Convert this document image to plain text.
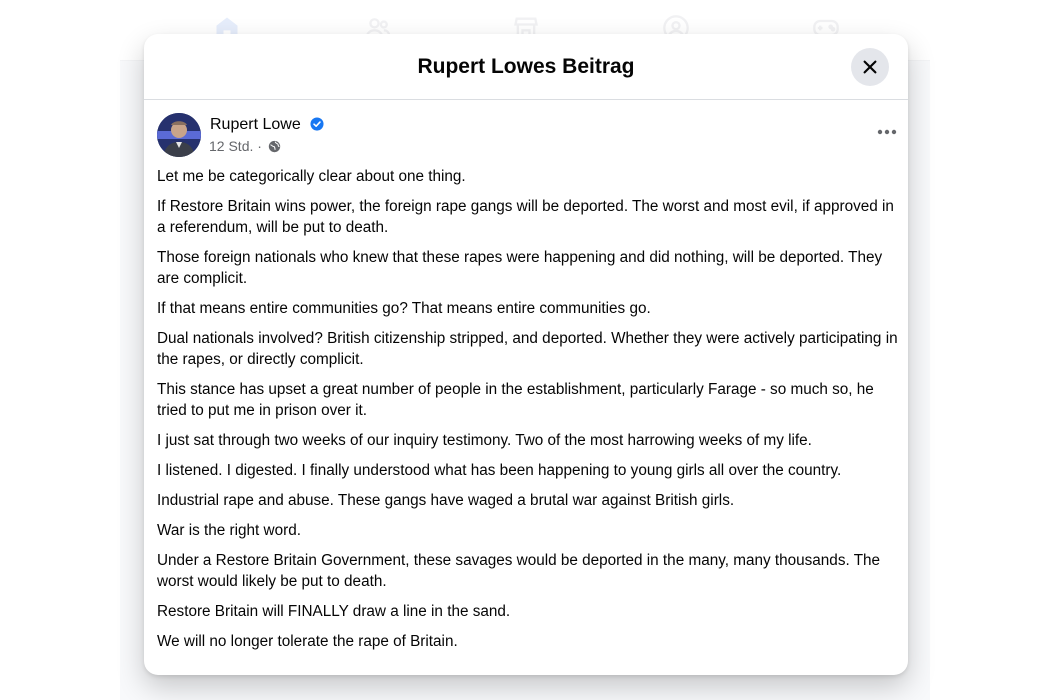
Rupert Lowes Beitrag
Rupert Lowe
12 Std. ·

Let me be categorically clear about one thing.

If Restore Britain wins power, the foreign rape gangs will be deported. The worst and most evil, if approved in a referendum, will be put to death.

Those foreign nationals who knew that these rapes were happening and did nothing, will be deported. They are complicit.

If that means entire communities go? That means entire communities go.

Dual nationals involved? British citizenship stripped, and deported. Whether they were actively participating in the rapes, or directly complicit.

This stance has upset a great number of people in the establishment, particularly Farage - so much so, he tried to put me in prison over it.

I just sat through two weeks of our inquiry testimony. Two of the most harrowing weeks of my life.

I listened. I digested. I finally understood what has been happening to young girls all over the country.

Industrial rape and abuse. These gangs have waged a brutal war against British girls.

War is the right word.

Under a Restore Britain Government, these savages would be deported in the many, many thousands. The worst would likely be put to death.

Restore Britain will FINALLY draw a line in the sand.

We will no longer tolerate the rape of Britain.
